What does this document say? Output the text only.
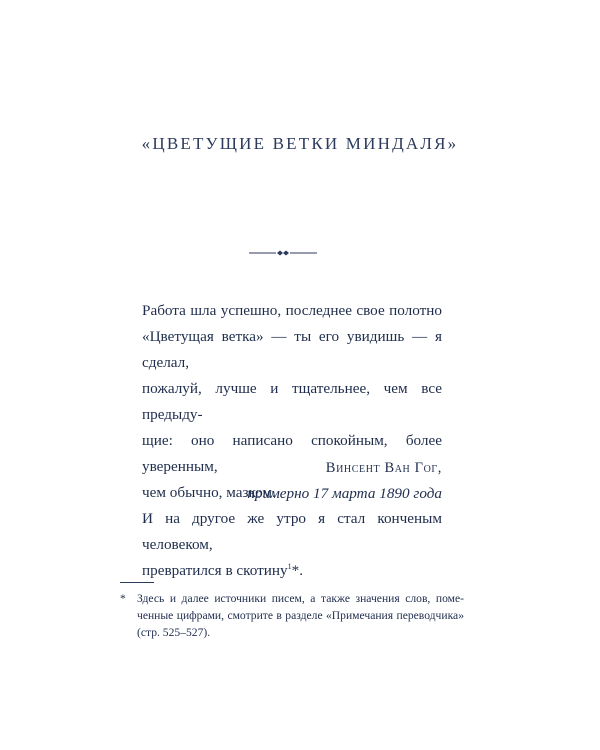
«ЦВЕТУЩИЕ ВЕТКИ МИНДАЛЯ»

Работа шла успешно, последнее свое полотно

«Цветущая ветка» — ты его увидишь — я сделал,

пожалуй, лучше и тщательнее, чем все предыду-

щие: оно написано спокойным, более уверенным,

чем обычно, мазком.

И на другое же утро я стал конченым человеком,

превратился в скотину$^1$*.

Винсент Ван Гог,
примерно 17 марта 1890 года
* Здесь и далее источники писем, а также значения слов, поме-ченные цифрами, смотрите в разделе «Примечания переводчика» (стр. 525–527).
